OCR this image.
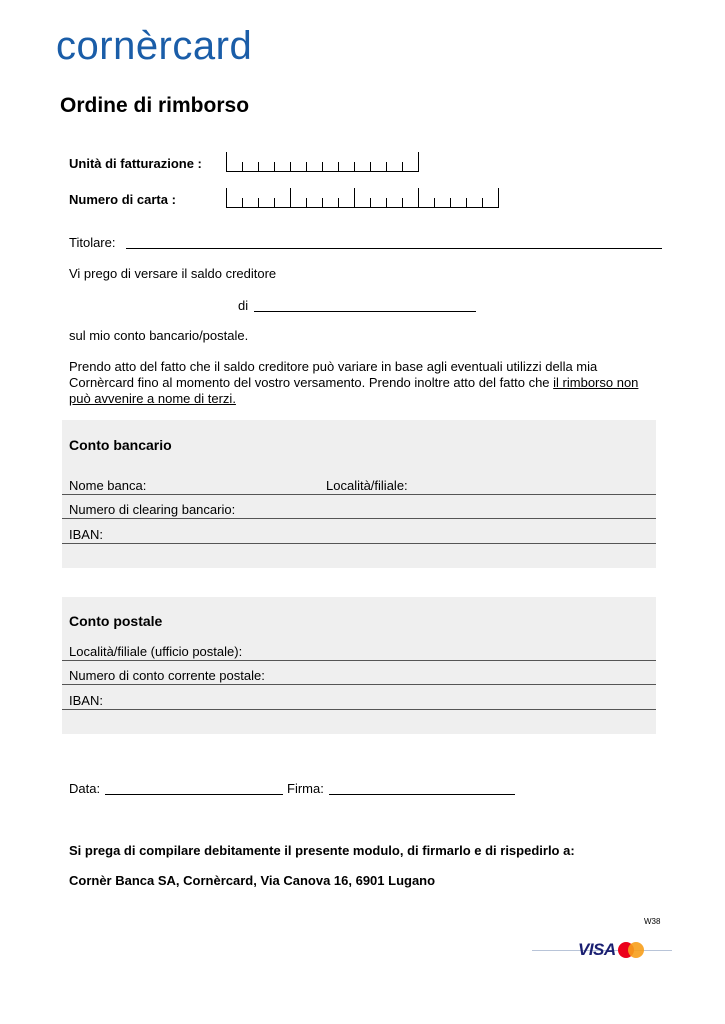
cornèrcard
Ordine di rimborso
Unità di fatturazione :
Numero di carta :
Titolare:
Vi prego di versare il saldo creditore
di
sul mio conto bancario/postale.
Prendo atto del fatto che il saldo creditore può variare in base agli eventuali utilizzi della mia
Cornèrcard fino al momento del vostro versamento. Prendo inoltre atto del fatto che il rimborso non
può avvenire a nome di terzi.
Conto bancario
Nome banca:	Località/filiale:
Numero di clearing bancario:
IBAN:
Conto postale
Località/filiale (ufficio postale):
Numero di conto corrente postale:
IBAN:
Data:	Firma:
Si prega di compilare debitamente il presente modulo, di firmarlo e di rispedirlo a:
Cornèr Banca SA, Cornèrcard, Via Canova 16, 6901 Lugano
W38
VISA
